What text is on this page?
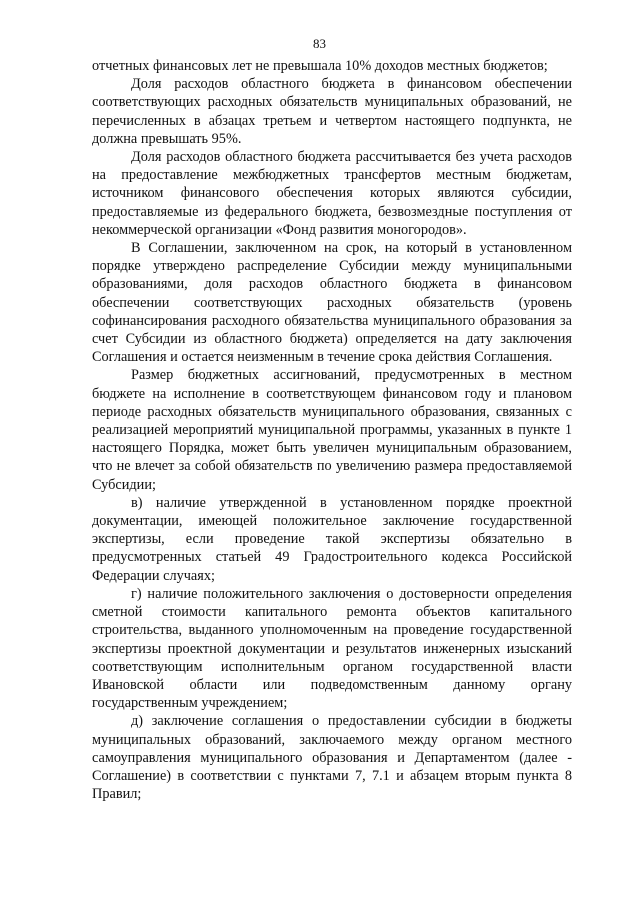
83

отчетных финансовых лет не превышала 10% доходов местных бюджетов;

Доля расходов областного бюджета в финансовом обеспечении соответствующих расходных обязательств муниципальных образований, не перечисленных в абзацах третьем и четвертом настоящего подпункта, не должна превышать 95%.

Доля расходов областного бюджета рассчитывается без учета расходов на предоставление межбюджетных трансфертов местным бюджетам, источником финансового обеспечения которых являются субсидии, предоставляемые из федерального бюджета, безвозмездные поступления от некоммерческой организации «Фонд развития моногородов».

В Соглашении, заключенном на срок, на который в установленном порядке утверждено распределение Субсидии между муниципальными образованиями, доля расходов областного бюджета в финансовом обеспечении соответствующих расходных обязательств (уровень софинансирования расходного обязательства муниципального образования за счет Субсидии из областного бюджета) определяется на дату заключения Соглашения и остается неизменным в течение срока действия Соглашения.

Размер бюджетных ассигнований, предусмотренных в местном бюджете на исполнение в соответствующем финансовом году и плановом периоде расходных обязательств муниципального образования, связанных с реализацией мероприятий муниципальной программы, указанных в пункте 1 настоящего Порядка, может быть увеличен муниципальным образованием, что не влечет за собой обязательств по увеличению размера предоставляемой Субсидии;

в) наличие утвержденной в установленном порядке проектной документации, имеющей положительное заключение государственной экспертизы, если проведение такой экспертизы обязательно в предусмотренных статьей 49 Градостроительного кодекса Российской Федерации случаях;

г) наличие положительного заключения о достоверности определения сметной стоимости капитального ремонта объектов капитального строительства, выданного уполномоченным на проведение государственной экспертизы проектной документации и результатов инженерных изысканий соответствующим исполнительным органом государственной власти Ивановской области или подведомственным данному органу государственным учреждением;

д) заключение соглашения о предоставлении субсидии в бюджеты муниципальных образований, заключаемого между органом местного самоуправления муниципального образования и Департаментом (далее - Соглашение) в соответствии с пунктами 7, 7.1 и абзацем вторым пункта 8 Правил;
